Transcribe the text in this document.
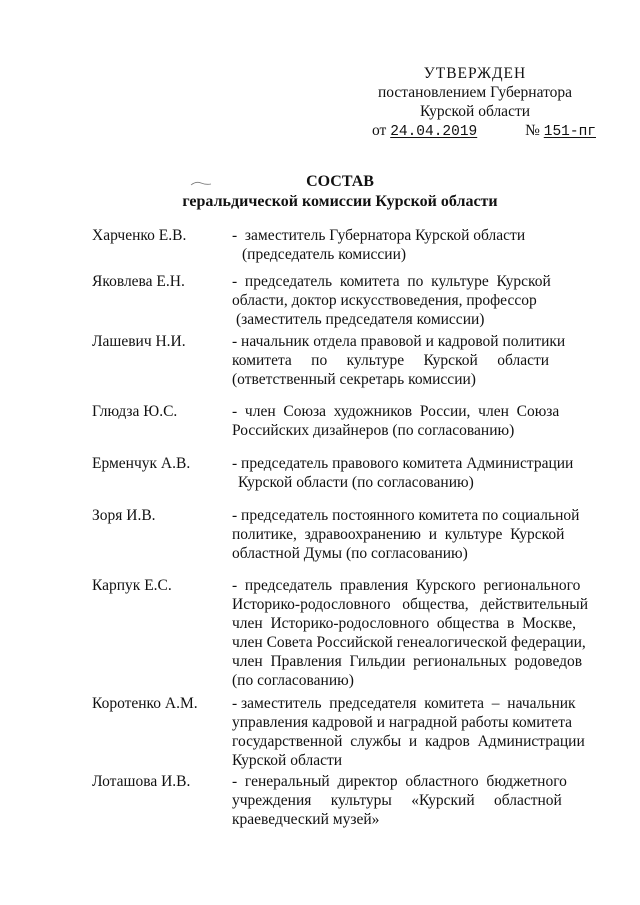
УТВЕРЖДЕН
постановлением Губернатора
Курской области
от 24.04.2019	№ 151-пг
СОСТАВ
геральдической комиссии Курской области
Харченко Е.В.	-  заместитель Губернатора Курской области
(председатель комиссии)
Яковлева Е.Н.	-  председатель  комитета  по  культуре  Курской
области, доктор искусствоведения, профессор
(заместитель председателя комиссии)
Лашевич Н.И.	- начальник отдела правовой и кадровой политики
комитета     по     культуре     Курской     области
(ответственный секретарь комиссии)
Глюдза Ю.С.	-  член  Союза  художников  России,  член  Союза
Российских дизайнеров (по согласованию)
Ерменчук А.В.	- председатель правового комитета Администрации
Курской области (по согласованию)
Зоря И.В.	- председатель постоянного комитета по социальной
политике,  здравоохранению  и  культуре  Курской
областной Думы (по согласованию)
Карпук Е.С.	-  председатель  правления  Курского  регионального
Историко-родословного   общества,   действительный
член  Историко-родословного  общества  в  Москве,
член Совета Российской генеалогической федерации,
член  Правления  Гильдии  региональных  родоведов
(по согласованию)
Коротенко А.М.	- заместитель  председателя  комитета  –  начальник
управления кадровой и наградной работы комитета
государственной  службы  и  кадров  Администрации
Курской области
Лоташова И.В.	-  генеральный  директор  областного  бюджетного
учреждения     культуры     «Курский     областной
краеведческий музей»
